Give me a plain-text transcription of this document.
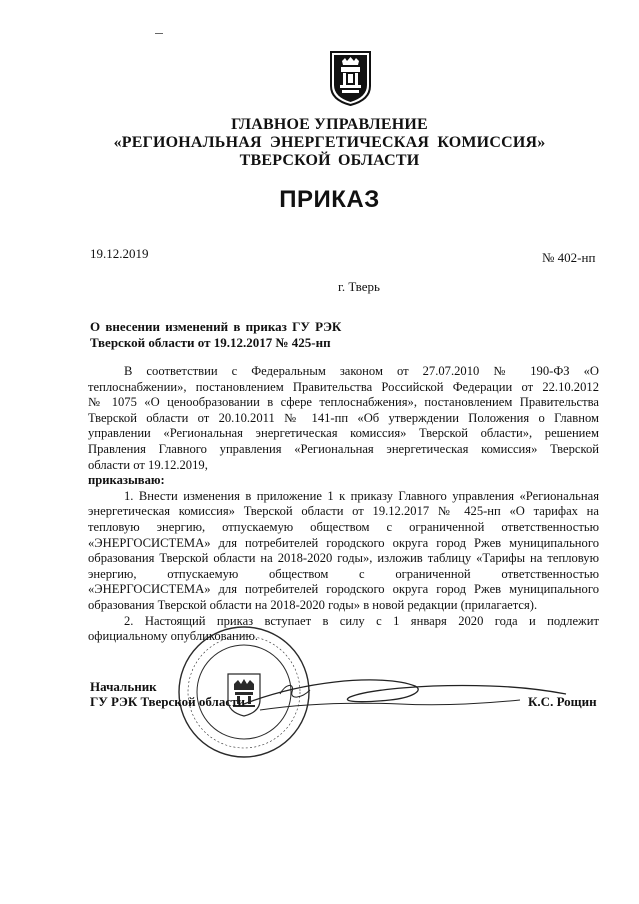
ГЛАВНОЕ УПРАВЛЕНИЕ
«РЕГИОНАЛЬНАЯ ЭНЕРГЕТИЧЕСКАЯ КОМИССИЯ»
ТВЕРСКОЙ ОБЛАСТИ
ПРИКАЗ
19.12.2019	№ 402-нп
г. Тверь
О внесении изменений в приказ ГУ РЭК
Тверской области от 19.12.2017 № 425-нп

В соответствии с Федеральным законом от 27.07.2010 № 190-ФЗ «О

теплоснабжении», постановлением Правительства Российской Федерации от 22.10.2012

№ 1075 «О ценообразовании в сфере теплоснабжения», постановлением Правительства

Тверской области от 20.10.2011 № 141-пп «Об утверждении Положения о Главном

управлении «Региональная энергетическая комиссия» Тверской области», решением

Правления Главного управления «Региональная энергетическая комиссия» Тверской

области от 19.12.2019,

приказываю:

1. Внести изменения в приложение 1 к приказу Главного управления «Региональная

энергетическая комиссия» Тверской области от 19.12.2017 № 425-нп «О тарифах на

тепловую энергию, отпускаемую обществом с ограниченной ответственностью

«ЭНЕРГОСИСТЕМА» для потребителей городского округа город Ржев муниципального

образования Тверской области на 2018-2020 годы», изложив таблицу «Тарифы на тепловую

энергию, отпускаемую обществом с ограниченной ответственностью

«ЭНЕРГОСИСТЕМА» для потребителей городского округа город Ржев муниципального

образования Тверской области на 2018-2020 годы» в новой редакции (прилагается).

2. Настоящий приказ вступает в силу с 1 января 2020 года и подлежит

официальному опубликованию.

Начальник
ГУ РЭК Тверской области	К.С. Рощин
